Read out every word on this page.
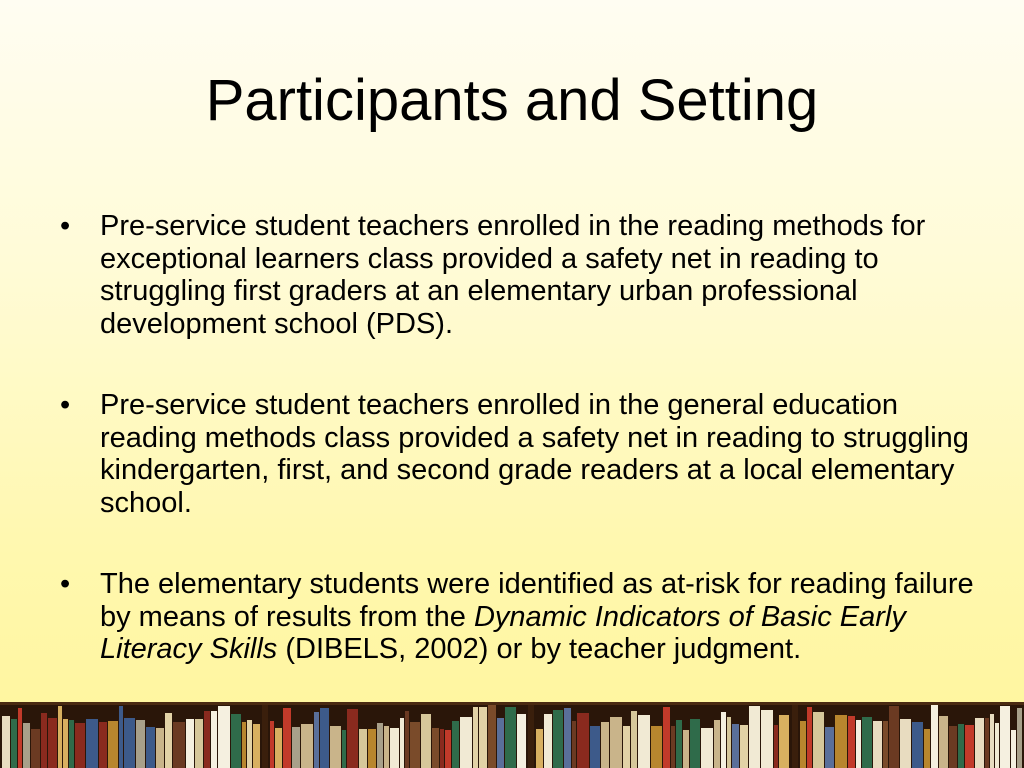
Participants and Setting
• Pre-service student teachers enrolled in the reading methods for exceptional learners class provided a safety net in reading to struggling first graders at an elementary urban professional development school (PDS).
• Pre-service student teachers enrolled in the general education reading methods class provided a safety net in reading to struggling kindergarten, first, and second grade readers at a local elementary school.
• The elementary students were identified as at-risk for reading failure by means of results from the Dynamic Indicators of Basic Early Literacy Skills (DIBELS, 2002) or by teacher judgment.
